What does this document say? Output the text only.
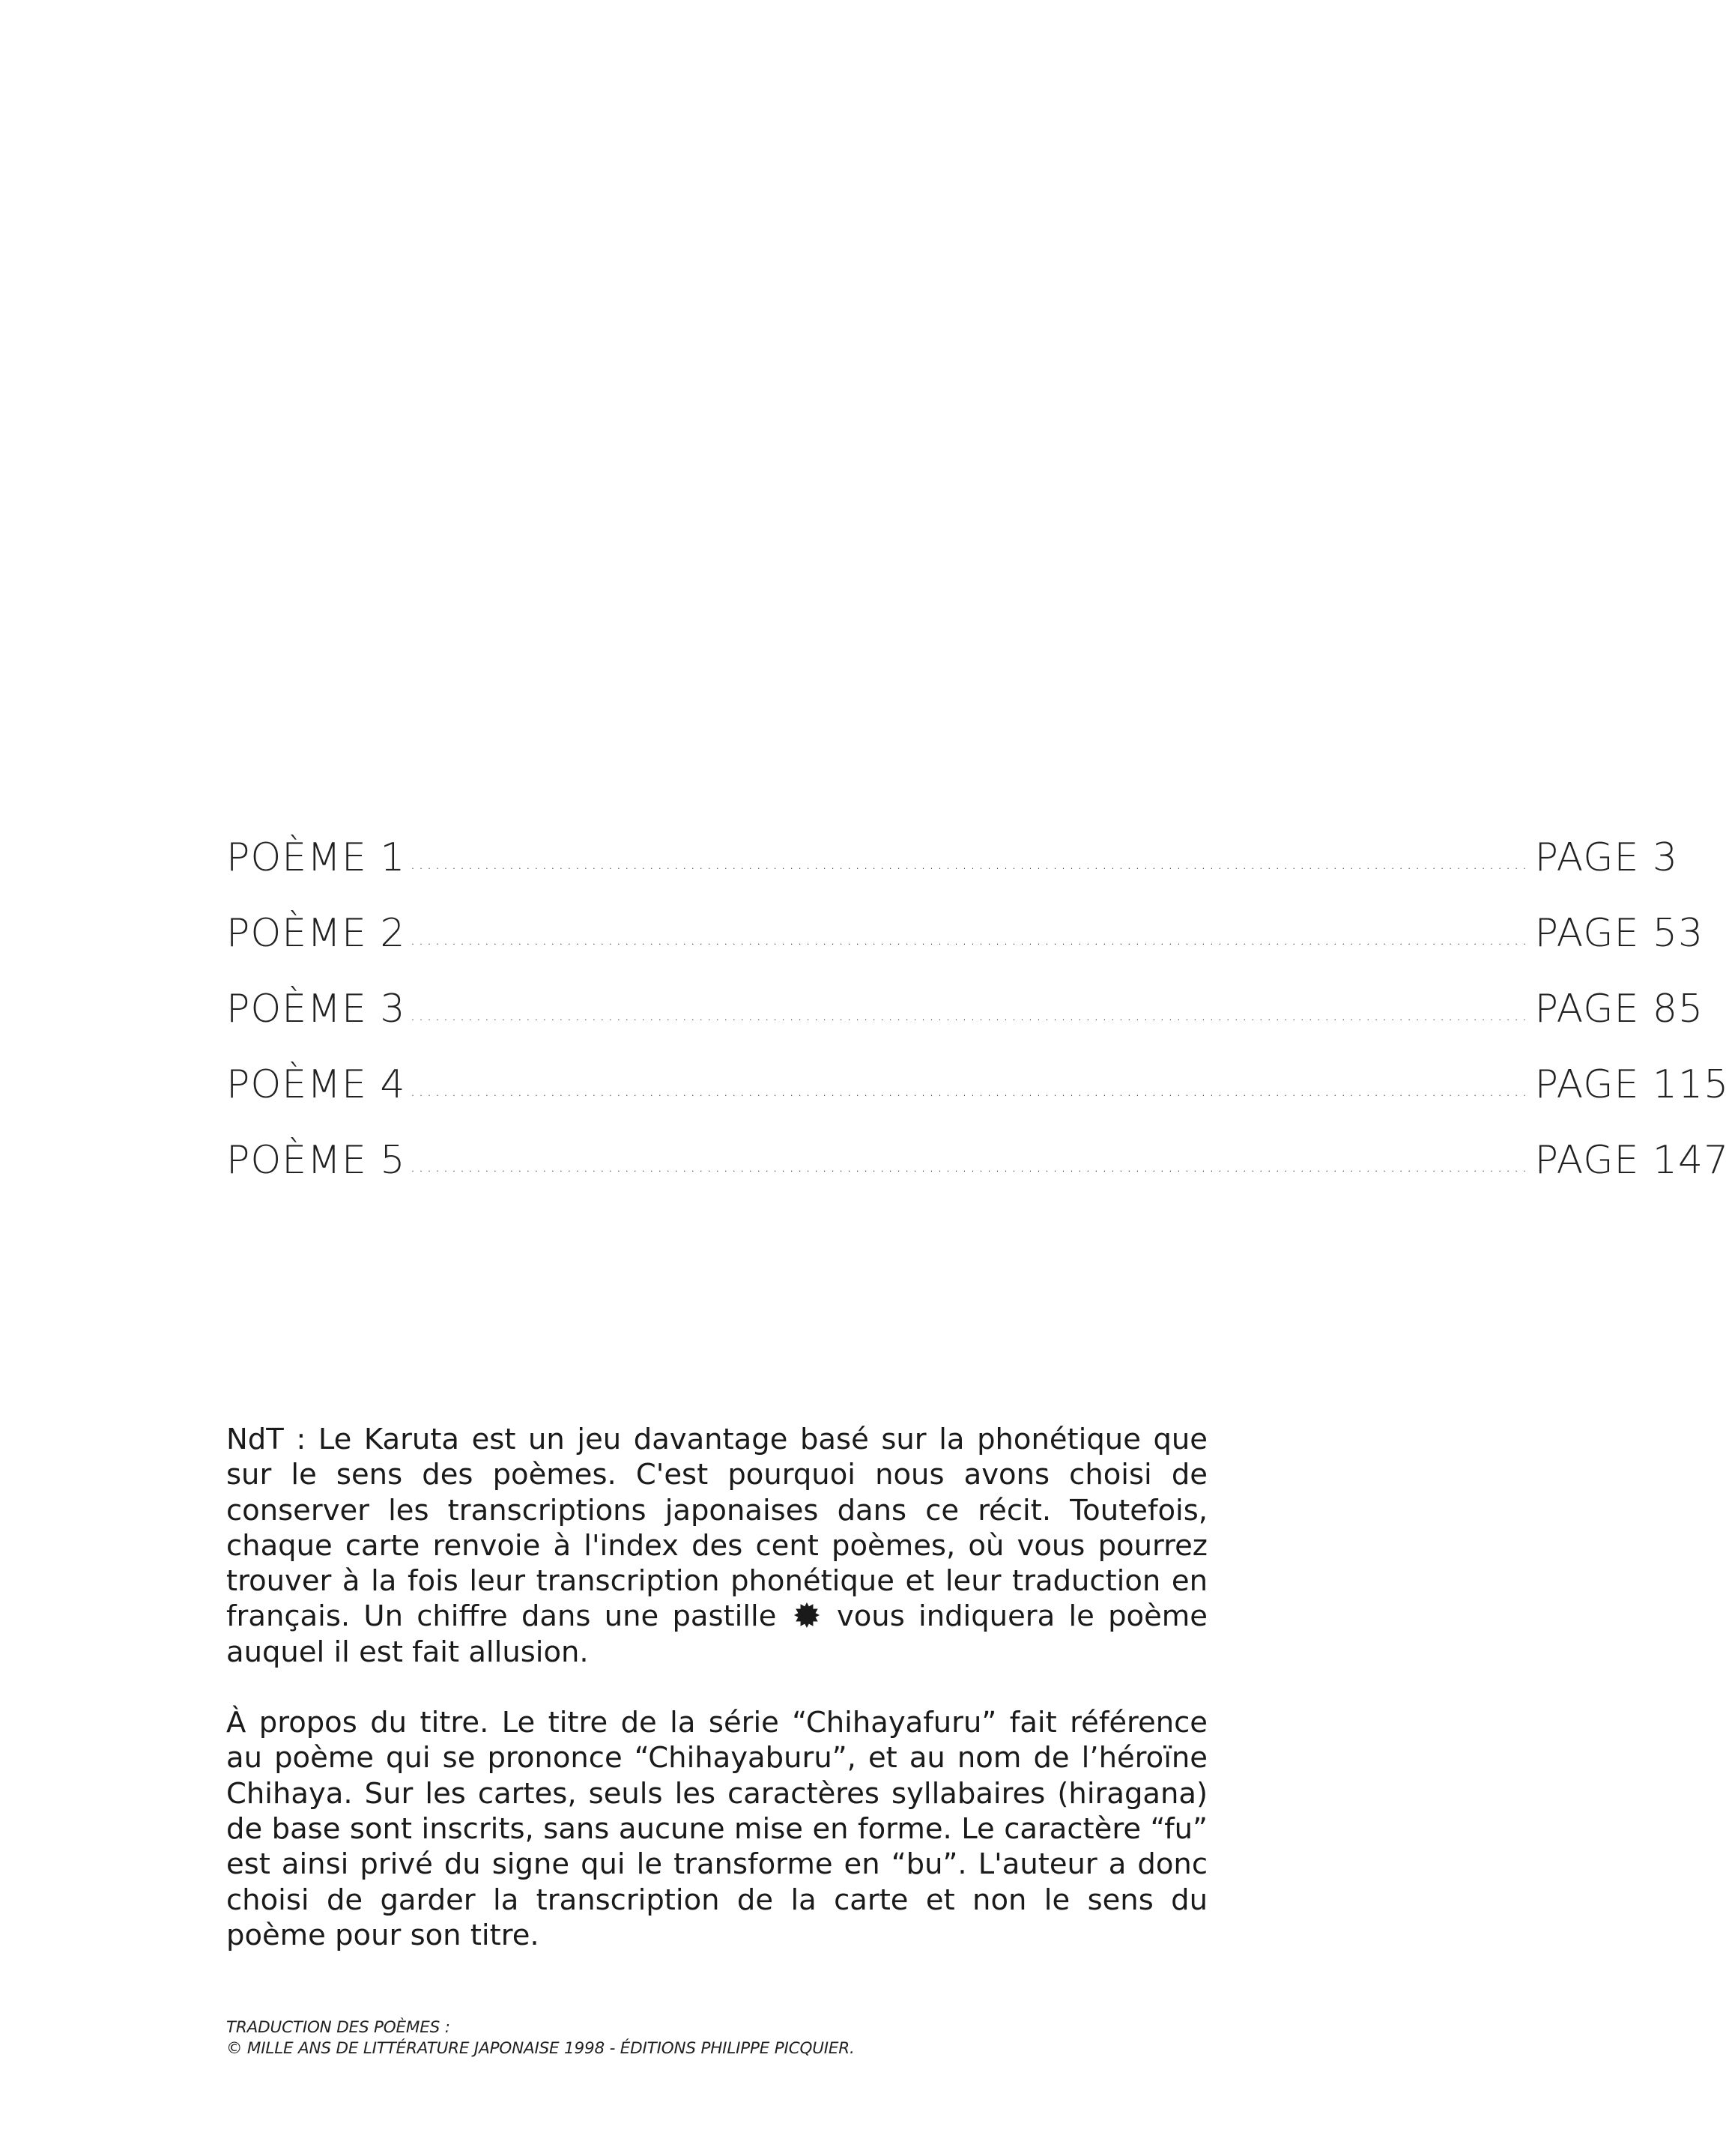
POÈME 1 ........................................................................................................................................ PAGE 3
POÈME 2 ........................................................................................................................................ PAGE 53
POÈME 3 ........................................................................................................................................ PAGE 85
POÈME 4 ........................................................................................................................................ PAGE 115
POÈME 5 ........................................................................................................................................ PAGE 147

NdT : Le Karuta est un jeu davantage basé sur la phonétique que sur le sens des poèmes. C'est pourquoi nous avons choisi de conserver les transcriptions japonaises dans ce récit. Toutefois, chaque carte renvoie à l'index des cent poèmes, où vous pourrez trouver à la fois leur transcription phonétique et leur traduction en français. Un chiffre dans une pastille vous indiquera le poème auquel il est fait allusion.

À propos du titre. Le titre de la série “Chihayafuru” fait référence au poème qui se prononce “Chihayaburu”, et au nom de l’héroïne Chihaya. Sur les cartes, seuls les caractères syllabaires (hiragana) de base sont inscrits, sans aucune mise en forme. Le caractère “fu” est ainsi privé du signe qui le transforme en “bu”. L'auteur a donc choisi de garder la transcription de la carte et non le sens du poème pour son titre.

TRADUCTION DES POÈMES :
© MILLE ANS DE LITTÉRATURE JAPONAISE 1998 - ÉDITIONS PHILIPPE PICQUIER.
